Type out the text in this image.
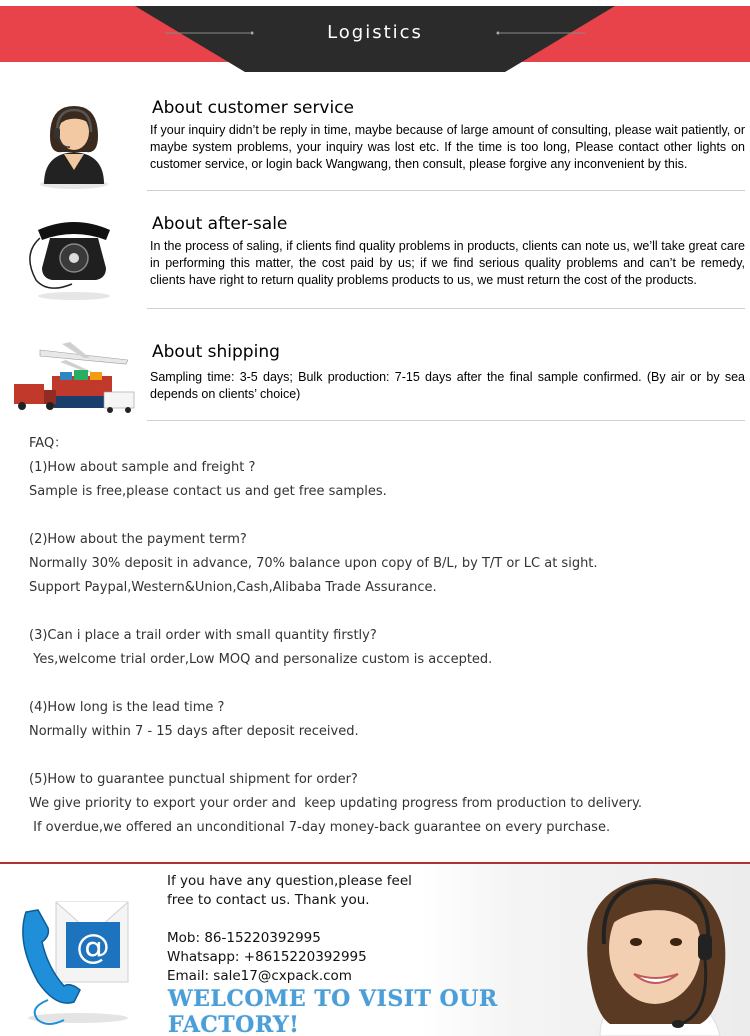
Logistics
About customer service

If your inquiry didn’t be reply in time, maybe because of large amount of consulting, please wait patiently, or maybe system problems, your inquiry was lost etc. If the time is too long, Please contact other lights on customer service, or login back Wangwang, then consult, please forgive any inconvenient by this.

About after-sale

In the process of saling, if clients find quality problems in products, clients can note us, we’ll take great care in performing this matter, the cost paid by us; if we find serious quality problems and can’t be remedy, clients have right to return quality problems products to us, we must return the cost of the products.

About shipping

Sampling time: 3-5 days; Bulk production: 7-15 days after the final sample confirmed. (By air or by sea depends on clients’ choice)

FAQ：
(1)How about sample and freight ?
Sample is free,please contact us and get free samples.
(2)How about the payment term?
Normally 30% deposit in advance, 70% balance upon copy of B/L, by T/T or LC at sight.
Support Paypal,Western&Union,Cash,Alibaba Trade Assurance.
(3)Can i place a trail order with small quantity firstly?
Yes,welcome trial order,Low MOQ and personalize custom is accepted.
(4)How long is the lead time ?
Normally within 7 - 15 days after deposit received.
(5)How to guarantee punctual shipment for order?
We give priority to export your order and  keep updating progress from production to delivery.
If overdue,we offered an unconditional 7-day money-back guarantee on every purchase.
@
If you have any question,please feel
free to contact us. Thank you.
Mob: 86-15220392995
Whatsapp: +8615220392995
Email: sale17@cxpack.com
WELCOME TO VISIT OUR FACTORY!
